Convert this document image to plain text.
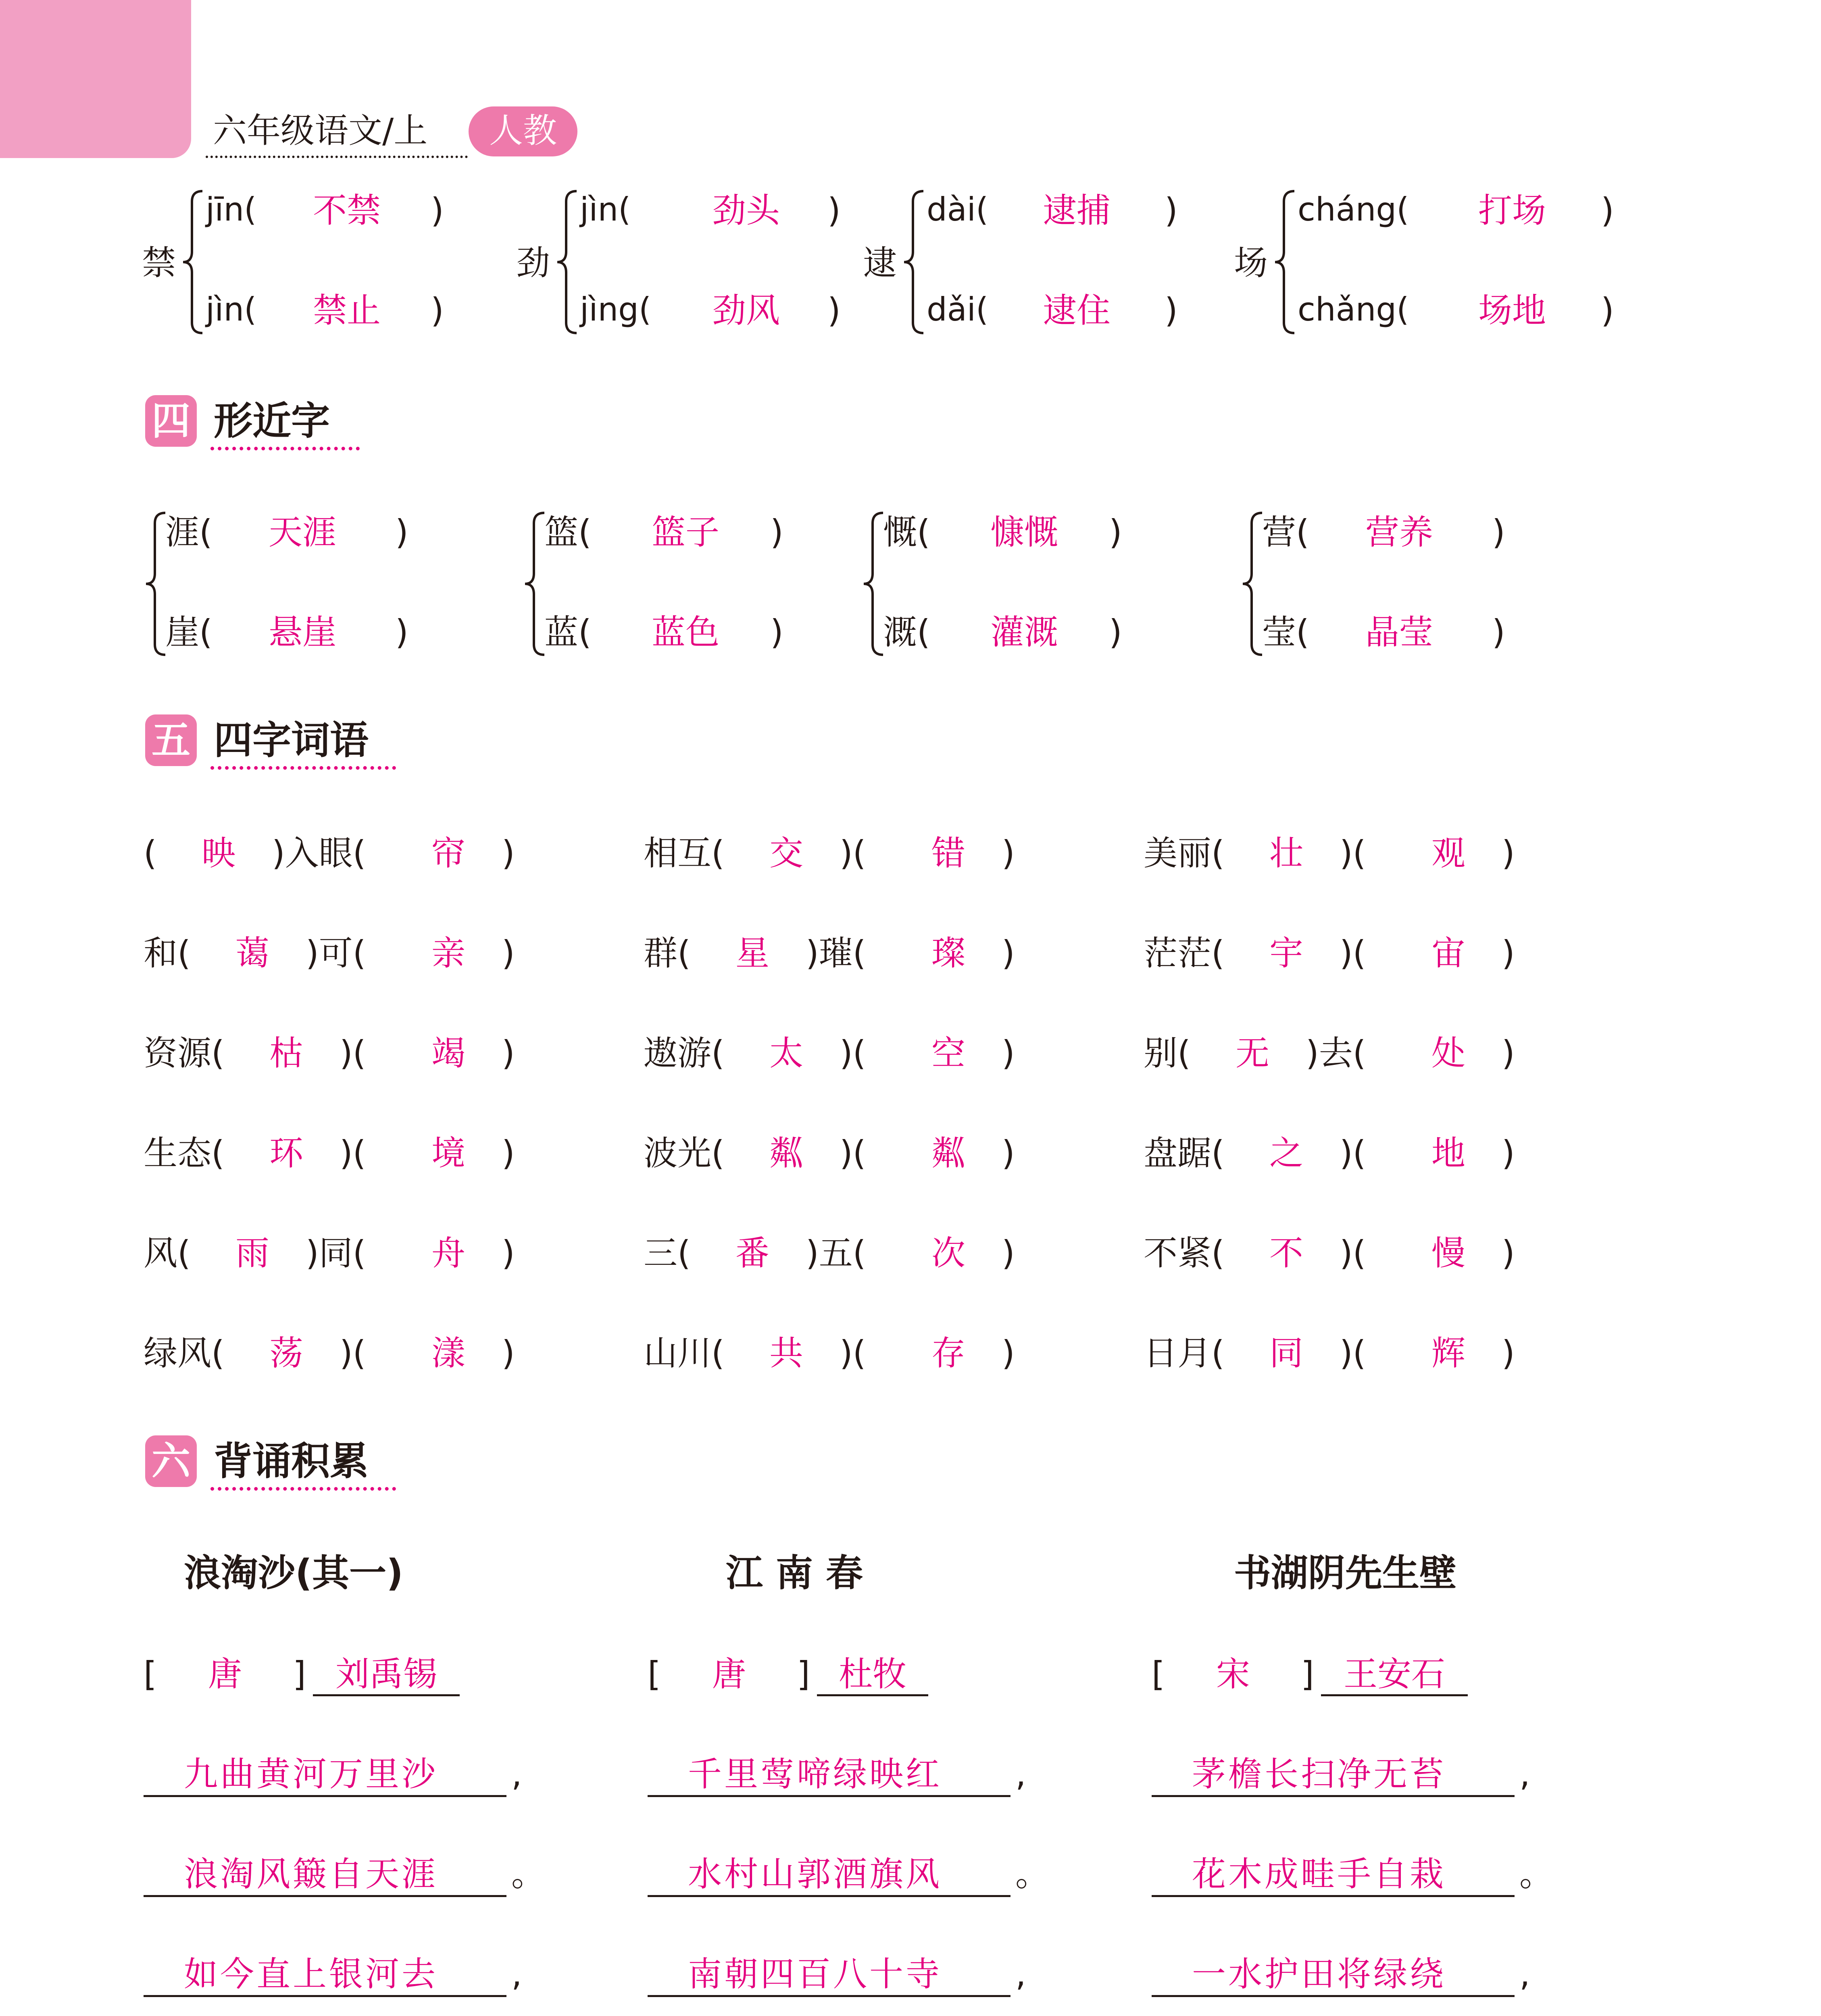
六年级语文/上	人教
禁
jīn(	不禁	)
jìn(	禁止	)
劲
jìn(	劲头	)
jìng(	劲风	)
逮
dài(	逮捕	)
dǎi(	逮住	)
场
cháng(	打场	)
chǎng(	场地	)
四 形近字
涯(	天涯	)
崖(	悬崖	)
篮(	篮子	)
蓝(	蓝色	)
慨(	慷慨	)
溉(	灌溉	)
营(	营养	)
莹(	晶莹	)
五 四字词语
( 映 )入眼( 帘 )	相互( 交 )( 错 )	美丽( 壮 )( 观 )
和( 蔼 )可( 亲 )	群( 星 )璀( 璨 )	茫茫( 宇 )( 宙 )
资源( 枯 )( 竭 )	遨游( 太 )( 空 )	别( 无 )去( 处 )
生态( 环 )( 境 )	波光( 粼 )( 粼 )	盘踞( 之 )( 地 )
风( 雨 )同( 舟 )	三( 番 )五( 次 )	不紧( 不 )( 慢 )
绿风( 荡 )( 漾 )	山川( 共 )( 存 )	日月( 同 )( 辉 )
六 背诵积累
浪淘沙(其一)
[ 唐 ] 刘禹锡
九曲黄河万里沙 ,
浪淘风簸自天涯 。
如今直上银河去 ,
江 南 春
[ 唐 ] 杜牧
千里莺啼绿映红 ,
水村山郭酒旗风 。
南朝四百八十寺 ,
书湖阴先生壁
[ 宋 ] 王安石
茅檐长扫净无苔 ,
花木成畦手自栽 。
一水护田将绿绕 ,
